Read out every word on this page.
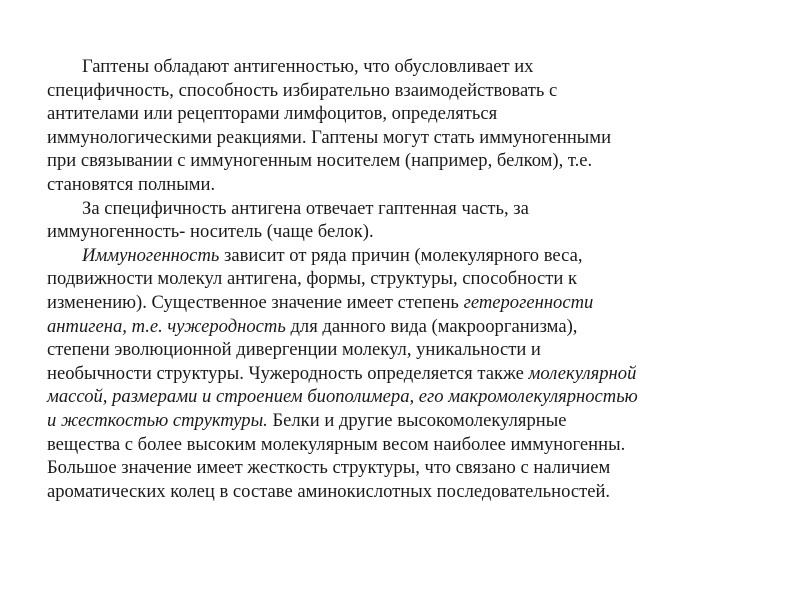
Гаптены обладают антигенностью, что обусловливает их
специфичность, способность избирательно взаимодействовать с
антителами или рецепторами лимфоцитов, определяться
иммунологическими реакциями. Гаптены могут стать иммуногенными
при связывании с иммуногенным носителем (например, белком), т.е.
становятся полными.
За специфичность антигена отвечает гаптенная часть, за
иммуногенность- носитель (чаще белок).
Иммуногенность зависит от ряда причин (молекулярного веса,
подвижности молекул антигена, формы, структуры, способности к
изменению). Существенное значение имеет степень гетерогенности
антигена, т.е. чужеродность для данного вида (макроорганизма),
степени эволюционной дивергенции молекул, уникальности и
необычности структуры. Чужеродность определяется также молекулярной
массой, размерами и строением биополимера, его макромолекулярностью
и жесткостью структуры. Белки и другие высокомолекулярные
вещества с более высоким молекулярным весом наиболее иммуногенны.
Большое значение имеет жесткость структуры, что связано с наличием
ароматических колец в составе аминокислотных последовательностей.
